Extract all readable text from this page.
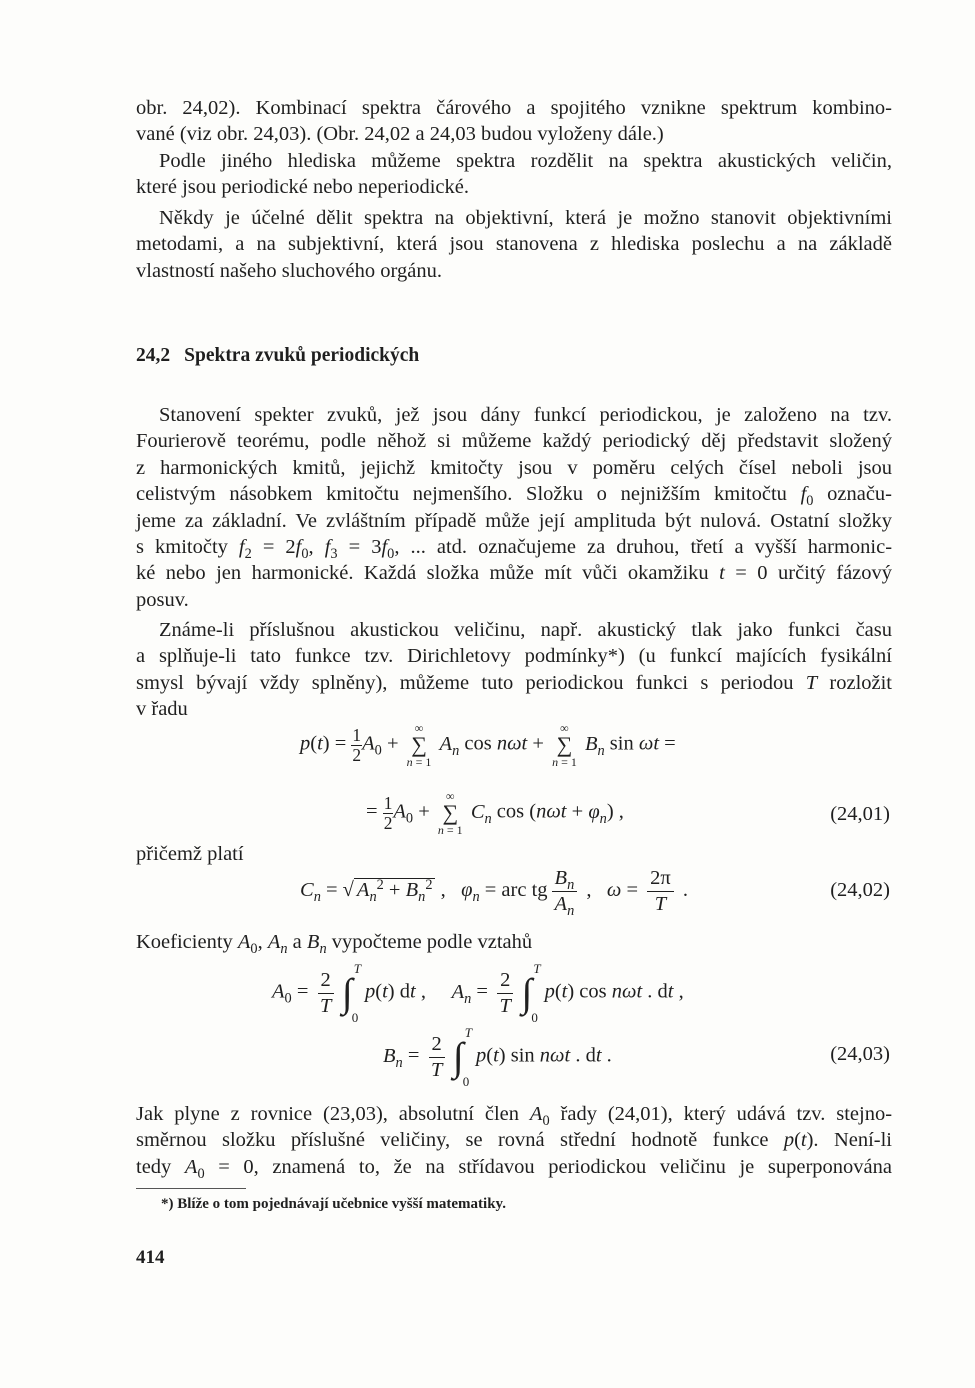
obr. 24,02). Kombinací spektra čárového a spojitého vznikne spektrum kombino-
vané (viz obr. 24,03). (Obr. 24,02 a 24,03 budou vyloženy dále.)

Podle jiného hlediska můžeme spektra rozdělit na spektra akustických veličin,
které jsou periodické nebo neperiodické.

Někdy je účelné dělit spektra na objektivní, která je možno stanovit objektivními
metodami, a na subjektivní, která jsou stanovena z hlediska poslechu a na základě
vlastností našeho sluchového orgánu.

24,2 Spektra zvuků periodických

Stanovení spekter zvuků, jež jsou dány funkcí periodickou, je založeno na tzv.
Fourierově teorému, podle něhož si můžeme každý periodický děj představit složený
z harmonických kmitů, jejichž kmitočty jsou v poměru celých čísel neboli jsou
celistvým násobkem kmitočtu nejmenšího. Složku o nejnižším kmitočtu $f_0$ označu-
jeme za základní. Ve zvláštním případě může její amplituda být nulová. Ostatní složky
s kmitočty $f_2 = 2f_0$, $f_3 = 3f_0$, ... atd. označujeme za druhou, třetí a vyšší harmonic-
ké nebo jen harmonické. Každá složka může mít vůči okamžiku t = 0 určitý fázový
posuv.

Známe-li příslušnou akustickou veličinu, např. akustický tlak jako funkci času
a splňuje-li tato funkce tzv. Dirichletovy podmínky*) (u funkcí majících fysikální
smysl bývají vždy splněny), můžeme tuto periodickou funkci s periodou T rozložit
v řadu

$p(t) = \frac{1}{2} A_0$ +
∞
∑
n = 1
$A_n$ cos nωt +
∞
∑
n = 1
$B_n$ sin ωt =
= $\frac{1}{2} A_0$ +
∞
∑
n = 1
$C_n$ $\cos (n\omega t + \varphi_n)$ ,	(24,01)
přičemž platí
$C_n$ = √ $A_n^2 + B_n^2$ ,   $\varphi_n$ = arc tg $\frac{B_n}{A_n}$ ,   $\omega = \frac{2\pi}{T}$ .	(24,02)
Koeficienty $A_0$, $A_n$ a $B_n$ vypočteme podle vztahů
$A_0 = \frac{2}{T}$	T
∫
0
p(t) dt ,     $A_n = \frac{2}{T}$	T
∫
0
p(t) cos nωt . dt ,
$B_n = \frac{2}{T}$	T
∫
0
p(t) sin nωt . dt .	(24,03)

Jak plyne z rovnice (23,03), absolutní člen $A_0$ řady (24,01), který udává tzv. stejno-
směrnou složku příslušné veličiny, se rovná střední hodnotě funkce p(t). Není-li
tedy $A_0 = 0$, znamená to, že na střídavou periodickou veličinu je superponována

*) Blíže o tom pojednávají učebnice vyšší matematiky.
414
